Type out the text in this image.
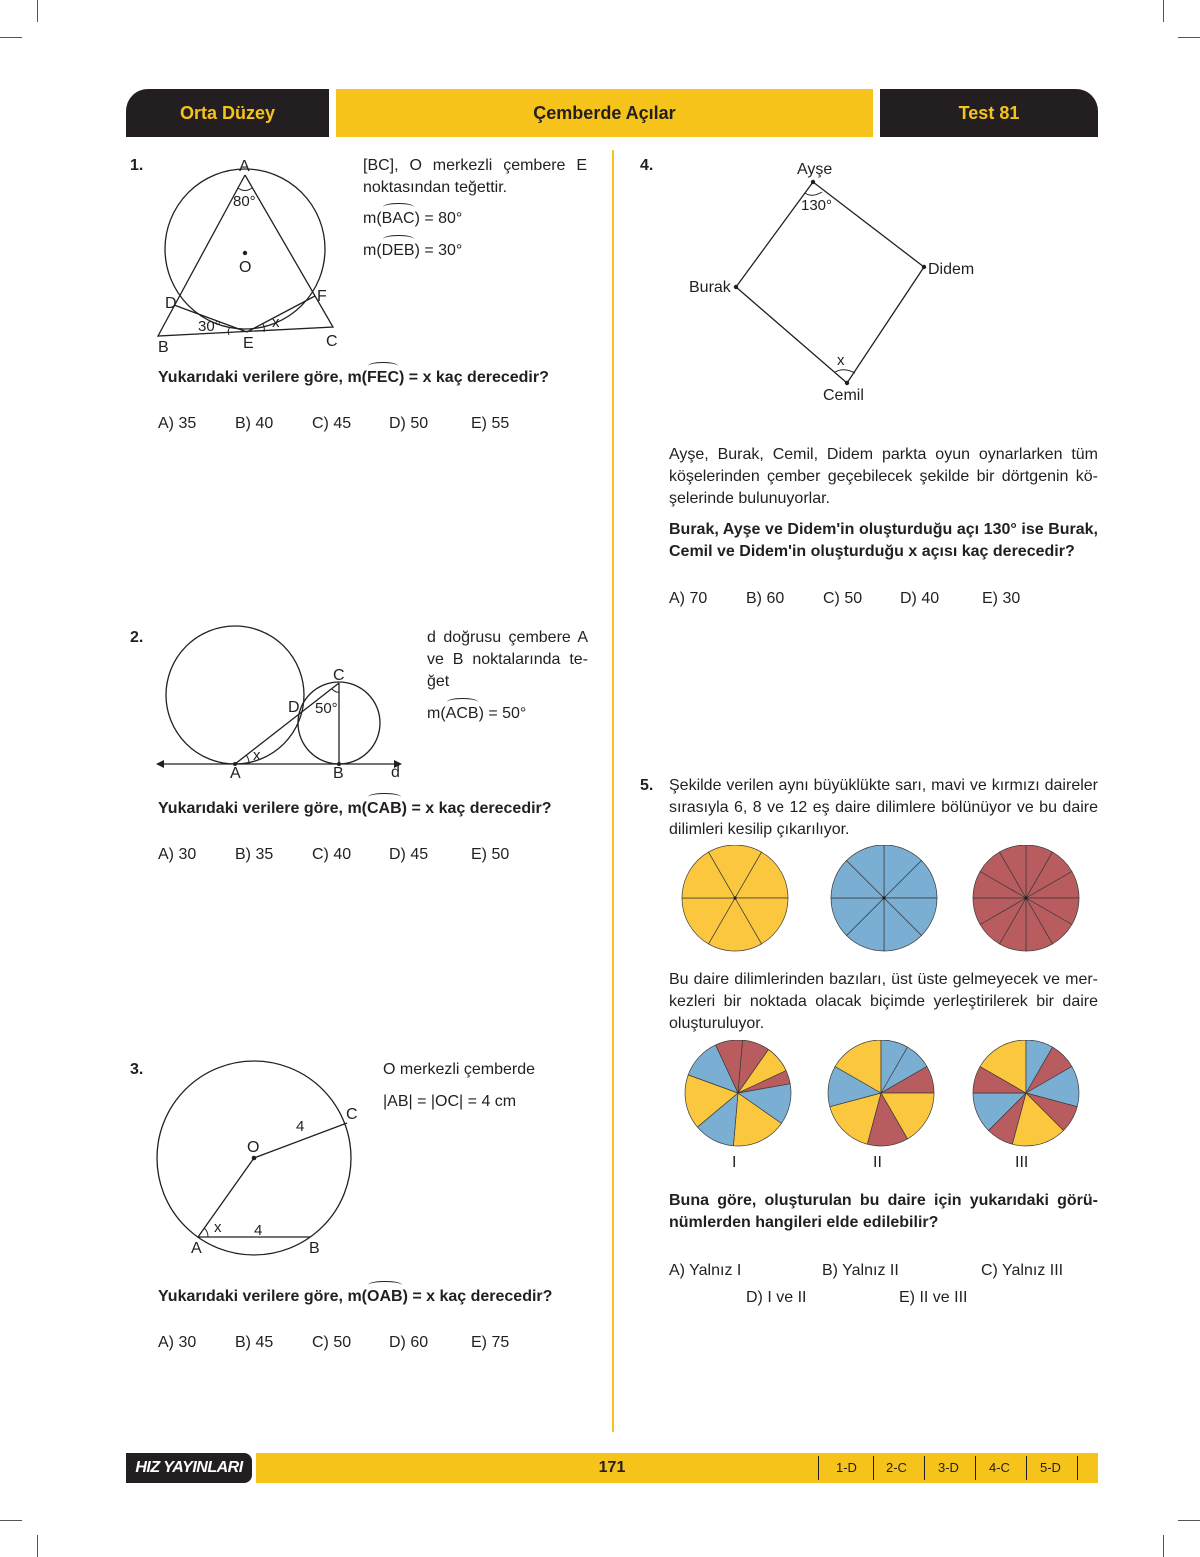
Orta Düzey	Çemberde Açılar	Test 81
1.	A
80°
O
D	F
30°	x
B	E	C
[BC], O merkezli çembere E noktasından teğettir.
m(BAC) = 80°
m(DEB) = 30°
Yukarıdaki verilere göre, m(FEC) = x kaç derecedir?
A) 35	B) 40	C) 45	D) 50	E) 55
2.
C
D 50°
x
A	B	d
d doğrusu çembere A ve B noktalarında te-ğet
m(ACB) = 50°
Yukarıdaki verilere göre, m(CAB) = x kaç derecedir?
A) 30	B) 35	C) 40	D) 45	E) 50
3.
O
4
C
x 4
A	B
O merkezli çemberde
|AB| = |OC| = 4 cm
Yukarıdaki verilere göre, m(OAB) = x kaç derecedir?
A) 30	B) 45	C) 50	D) 60	E) 75
4.	Ayşe
130°
Burak
Didem
x
Cemil
Ayşe, Burak, Cemil, Didem parkta oyun oynarlarken tüm köşelerinden çember geçebilecek şekilde bir dörtgenin kö-şelerinde bulunuyorlar.
Burak, Ayşe ve Didem'in oluşturduğu açı 130° ise Burak, Cemil ve Didem'in oluşturduğu x açısı kaç derecedir?
A) 70	B) 60	C) 50	D) 40	E) 30
5. Şekilde verilen aynı büyüklükte sarı, mavi ve kırmızı daireler sırasıyla 6, 8 ve 12 eş daire dilimlere bölünüyor ve bu daire dilimleri kesilip çıkarılıyor.
Bu daire dilimlerinden bazıları, üst üste gelmeyecek ve mer-kezleri bir noktada olacak biçimde yerleştirilerek bir daire oluşturuluyor.
I	II	III
Buna göre, oluşturulan bu daire için yukarıdaki görü-nümlerden hangileri elde edilebilir?
A) Yalnız I	B) Yalnız II	C) Yalnız III
D) I ve II	E) II ve III
HIZ YAYINLARI	171	1-D 2-C 3-D 4-C 5-D
